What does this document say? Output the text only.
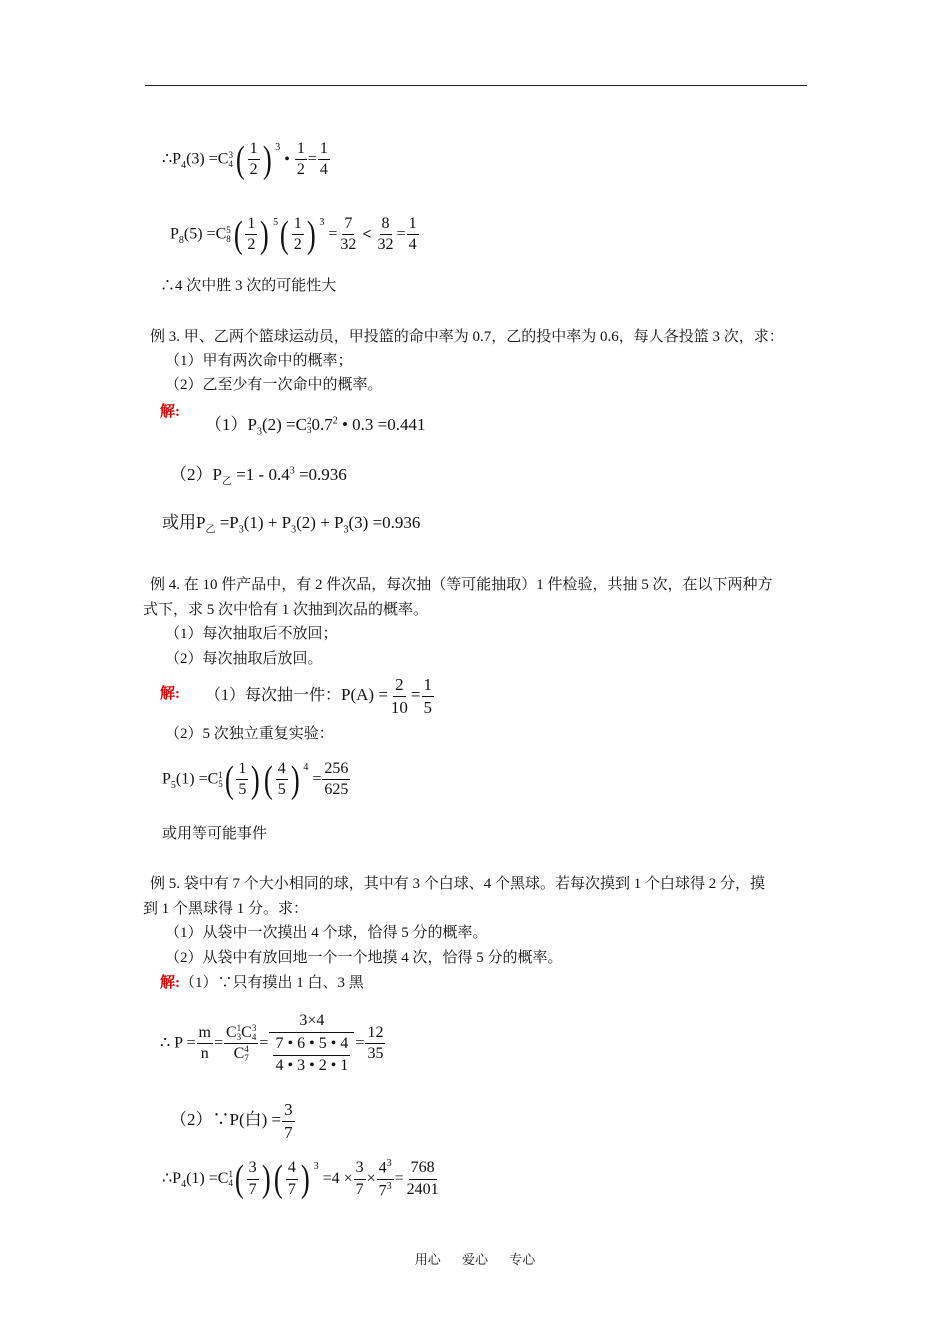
$\therefore P_4(3) =C$ 3
4 ( $\frac{1}{2}$ ) $^3$• $\frac{1}{2} = \frac{1}{4}$
$P_8(5) =C$ 5
8 ( $\frac{1}{2}$ ) $^5$ ( $\frac{1}{2}$ ) $^3 = \frac{7}{32} < \frac{8}{32} = \frac{1}{4}$
∴4 次中胜 3 次的可能性大
例 3. 甲、乙两个篮球运动员，甲投篮的命中率为 0.7，乙的投中率为 0.6，每人各投篮 3 次，求：
（1）甲有两次命中的概率；
（2）乙至少有一次命中的概率。
解:
$(1)P_3(2) =C$ 2
3 $0.7^2$ • 0.3 =0.441
$(2)P_乙 =1 - 0.4^3 =0.936$
或用$P_乙 =P_3(1) + P_3(2) + P_3(3) =0.936$
例 4. 在 10 件产品中，有 2 件次品，每次抽（等可能抽取）1 件检验，共抽 5 次，在以下两种方
式下，求 5 次中恰有 1 次抽到次品的概率。
（1）每次抽取后不放回；
（2）每次抽取后放回。
解: （1）每次抽一件：$P(A) = \frac{2}{10} = \frac{1}{5}$
（2）5 次独立重复实验：
$P_5(1) =C$ 1
5 ( $\frac{1}{5}$ ) ( $\frac{4}{5}$ ) $^4 = \frac{256}{625}$
或用等可能事件
例 5. 袋中有 7 个大小相同的球，其中有 3 个白球、4 个黑球。若每次摸到 1 个白球得 2 分，摸
到 1 个黑球得 1 分。求：
（1）从袋中一次摸出 4 个球，恰得 5 分的概率。
（2）从袋中有放回地一个一个地摸 4 次，恰得 5 分的概率。
解:（1）∵只有摸出 1 白、3 黑
∴ $P = \frac{m}{n} = C$ 1
3 C 3
4
C 4
$7 = \frac{3\times 4}{\frac{7 • 6 • 5 • 4}{4 • 3 • 2 • 1}} = \frac{12}{35}$
（2）∵P(白) = $\frac{3}{7}$
$\therefore P_4(1) =C$ 1
4 ( $\frac{3}{7}$ ) ( $\frac{4}{7}$ ) $^3 =4 \times \frac{3}{7} \times \frac{4^3}{7^3} = \frac{768}{2401}$
用心 爱心 专心
